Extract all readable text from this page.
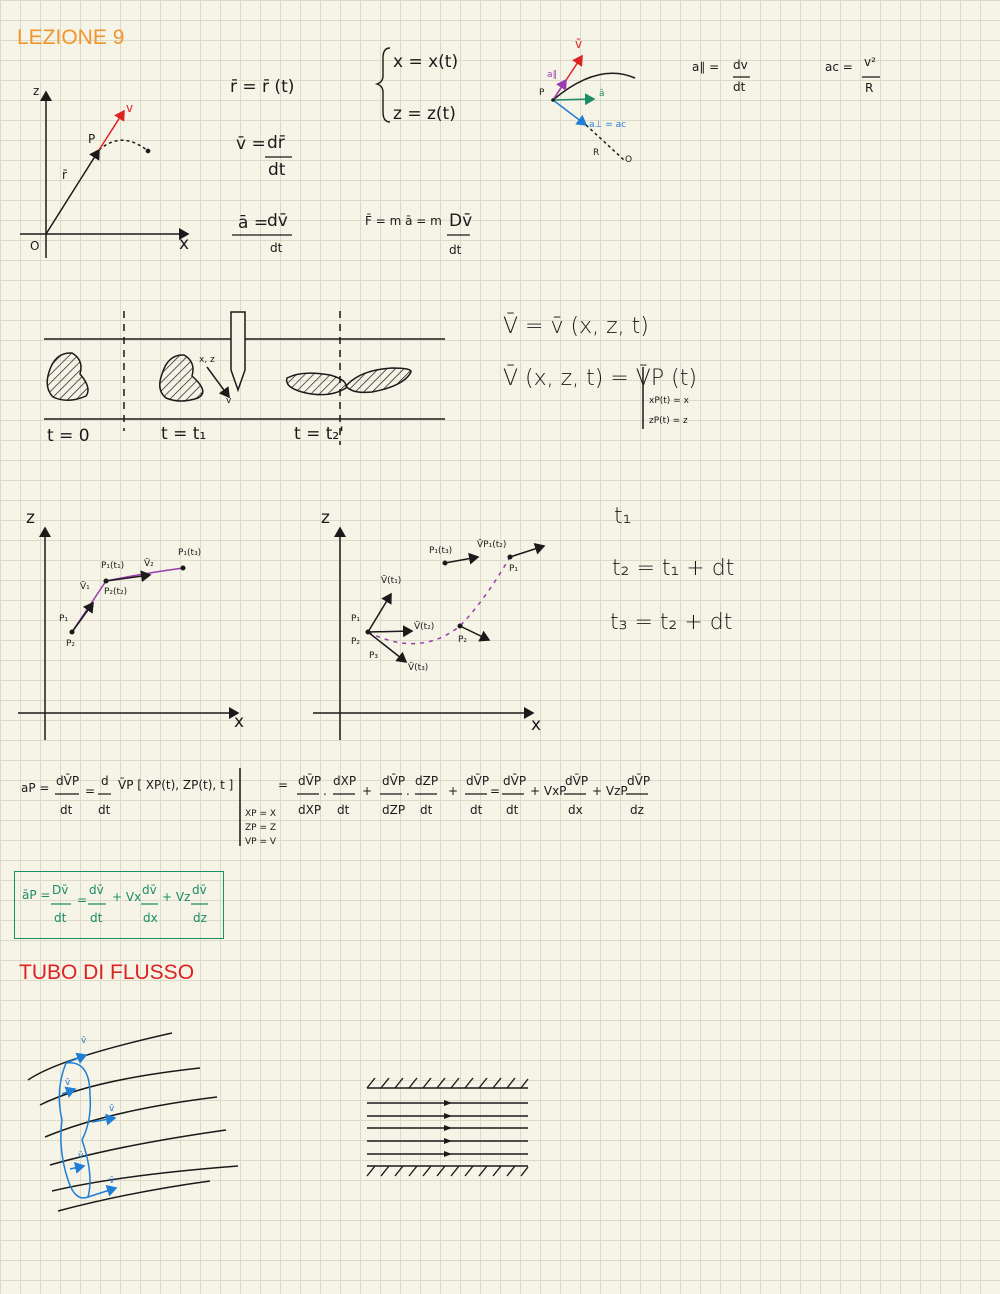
LEZIONE 9
TUBO DI FLUSSO
z
x
O
P
r̄
v
r̄ = r̄ (t)
v̄ = dr̄
dt
ā =
dv̄
dt
x = x(t)
z = z(t)
F̄ = m ā = m Dv̄
dt
v̄
a∥
P	ā
a⊥ = ac
R
O
a∥ = dv
dt
ac = v²
R
t = 0	t = t₁	t = t₂'
x, z
v̄
V̄ = v̄ (x, z, t)
V̄ (x, z, t) = V̄P (t)
xP(t) = x
zP(t) = z
z
x
P₁(t₁) V̄₂
P₁(t₃)
V̄₁ P₂(t₂)
P₁
P₂
z
x
P₁(t₃)
V̄P₁(t₂)
P₁
V̄(t₁)
P₁
P₂
P₃
V̄(t₂)
P₂
V̄(t₃)
t₁
t₂ = t₁ + dt
t₃ = t₂ + dt
aP = dV̄P
dt
=
d
dt
V̄P [ XP(t), ZP(t), t ]
XP = X
ZP = Z
VP = V
= dV̄P
dXP
.
dXP
dt
+
dV̄P
dZP
.
dZP
dt
+
dV̄P
dt
=
dV̄P
dt
+ VxP
dV̄P
dx
+ VzP
dV̄P
dz
āP = Dv̄
dt
=
dv̄
dt
+ Vx dv̄
dx
+ Vz dv̄
dz
v̄
v̄
v̄
v̄
v̄
